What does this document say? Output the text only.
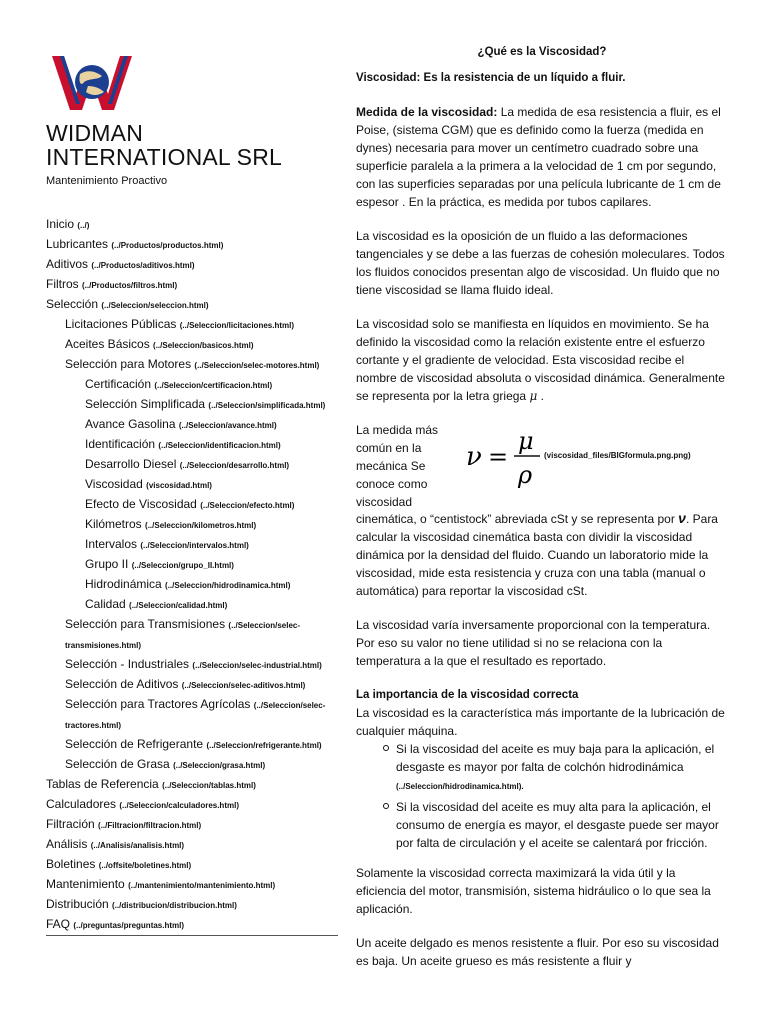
WIDMAN
INTERNATIONAL SRL
Mantenimiento Proactivo
Inicio (../)
Lubricantes (../Productos/productos.html)
Aditivos (../Productos/aditivos.html)
Filtros (../Productos/filtros.html)
Selección (../Seleccion/seleccion.html)
Licitaciones Públicas (../Seleccion/licitaciones.html)
Aceites Básicos (../Seleccion/basicos.html)
Selección para Motores (../Seleccion/selec-motores.html)
Certificación (../Seleccion/certificacion.html)
Selección Simplificada (../Seleccion/simplificada.html)
Avance Gasolina (../Seleccion/avance.html)
Identificación (../Seleccion/identificacion.html)
Desarrollo Diesel (../Seleccion/desarrollo.html)
Viscosidad (viscosidad.html)
Efecto de Viscosidad (../Seleccion/efecto.html)
Kilómetros (../Seleccion/kilometros.html)
Intervalos (../Seleccion/intervalos.html)
Grupo II (../Seleccion/grupo_II.html)
Hidrodinámica (../Seleccion/hidrodinamica.html)
Calidad (../Seleccion/calidad.html)
Selección para Transmisiones (../Seleccion/selec-transmisiones.html)
Selección - Industriales (../Seleccion/selec-industrial.html)
Selección de Aditivos (../Seleccion/selec-aditivos.html)
Selección para Tractores Agrícolas (../Seleccion/selec-tractores.html)
Selección de Refrigerante (../Seleccion/refrigerante.html)
Selección de Grasa (../Seleccion/grasa.html)
Tablas de Referencia (../Seleccion/tablas.html)
Calculadores (../Seleccion/calculadores.html)
Filtración (../Filtracion/filtracion.html)
Análisis (../Analisis/analisis.html)
Boletines (../offsite/boletines.html)
Mantenimiento (../mantenimiento/mantenimiento.html)
Distribución (../distribucion/distribucion.html)
FAQ (../preguntas/preguntas.html)
¿Qué es la Viscosidad?
Viscosidad: Es la resistencia de un líquido a fluir.

Medida de la viscosidad: La medida de esa resistencia a fluir, es el Poise, (sistema CGM) que es definido como la fuerza (medida en dynes) necesaria para mover un centímetro cuadrado sobre una superficie paralela a la primera a la velocidad de 1 cm por segundo, con las superficies separadas por una película lubricante de 1 cm de espesor . En la práctica, es medida por tubos capilares.

La viscosidad es la oposición de un fluido a las deformaciones tangenciales y se debe a las fuerzas de cohesión moleculares. Todos los fluidos conocidos presentan algo de viscosidad. Un fluido que no tiene viscosidad se llama fluido ideal.

La viscosidad solo se manifiesta en líquidos en movimiento. Se ha definido la viscosidad como la relación existente entre el esfuerzo cortante y el gradiente de velocidad. Esta viscosidad recibe el nombre de viscosidad absoluta o viscosidad dinámica. Generalmente se representa por la letra griega μ .

La medida más común en la mecánica Se conoce como viscosidad
ν =
μ
ρ
(viscosidad_files/BIGformula.png.png)

cinemática, o “centistock” abreviada cSt y se representa por ν. Para calcular la viscosidad cinemática basta con dividir la viscosidad dinámica por la densidad del fluido. Cuando un laboratorio mide la viscosidad, mide esta resistencia y cruza con una tabla (manual o automática) para reportar la viscosidad cSt.

La viscosidad varía inversamente proporcional con la temperatura. Por eso su valor no tiene utilidad si no se relaciona con la temperatura a la que el resultado es reportado.

La importancia de la viscosidad correcta
La viscosidad es la característica más importante de la lubricación de cualquier máquina.
Si la viscosidad del aceite es muy baja para la aplicación, el desgaste es mayor por falta de colchón hidrodinámica
(../Seleccion/hidrodinamica.html).
Si la viscosidad del aceite es muy alta para la aplicación, el consumo de energía es mayor, el desgaste puede ser mayor por falta de circulación y el aceite se calentará por fricción.

Solamente la viscosidad correcta maximizará la vida útil y la eficiencia del motor, transmisión, sistema hidráulico o lo que sea la aplicación.

Un aceite delgado es menos resistente a fluir. Por eso su viscosidad es baja. Un aceite grueso es más resistente a fluir y
